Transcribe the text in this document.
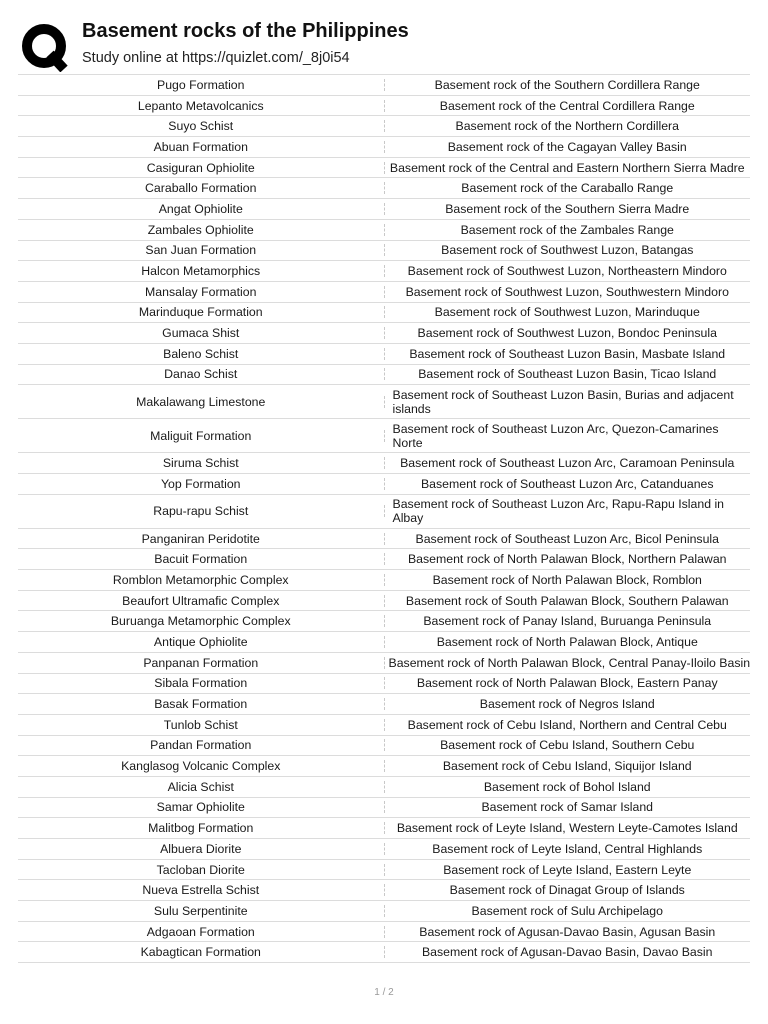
Basement rocks of the Philippines
Study online at https://quizlet.com/_8j0i54
Pugo Formation	Basement rock of the Southern Cordillera Range
Lepanto Metavolcanics	Basement rock of the Central Cordillera Range
Suyo Schist	Basement rock of the Northern Cordillera
Abuan Formation	Basement rock of the Cagayan Valley Basin
Casiguran Ophiolite	Basement rock of the Central and Eastern Northern Sierra Madre
Caraballo Formation	Basement rock of the Caraballo Range
Angat Ophiolite	Basement rock of the Southern Sierra Madre
Zambales Ophiolite	Basement rock of the Zambales Range
San Juan Formation	Basement rock of Southwest Luzon, Batangas
Halcon Metamorphics	Basement rock of Southwest Luzon, Northeastern Mindoro
Mansalay Formation	Basement rock of Southwest Luzon, Southwestern Mindoro
Marinduque Formation	Basement rock of Southwest Luzon, Marinduque
Gumaca Shist	Basement rock of Southwest Luzon, Bondoc Peninsula
Baleno Schist	Basement rock of Southeast Luzon Basin, Masbate Island
Danao Schist	Basement rock of Southeast Luzon Basin, Ticao Island
Makalawang Limestone	Basement rock of Southeast Luzon Basin, Burias and adjacent islands
Maliguit Formation	Basement rock of Southeast Luzon Arc, Quezon-Camarines Norte
Siruma Schist	Basement rock of Southeast Luzon Arc, Caramoan Peninsula
Yop Formation	Basement rock of Southeast Luzon Arc, Catanduanes
Rapu-rapu Schist	Basement rock of Southeast Luzon Arc, Rapu-Rapu Island in Albay
Panganiran Peridotite	Basement rock of Southeast Luzon Arc, Bicol Peninsula
Bacuit Formation	Basement rock of North Palawan Block, Northern Palawan
Romblon Metamorphic Complex	Basement rock of North Palawan Block, Romblon
Beaufort Ultramafic Complex	Basement rock of South Palawan Block, Southern Palawan
Buruanga Metamorphic Complex	Basement rock of Panay Island, Buruanga Peninsula
Antique Ophiolite	Basement rock of North Palawan Block, Antique
Panpanan Formation	Basement rock of North Palawan Block, Central Panay-Iloilo Basin
Sibala Formation	Basement rock of North Palawan Block, Eastern Panay
Basak Formation	Basement rock of Negros Island
Tunlob Schist	Basement rock of Cebu Island, Northern and Central Cebu
Pandan Formation	Basement rock of Cebu Island, Southern Cebu
Kanglasog Volcanic Complex	Basement rock of Cebu Island, Siquijor Island
Alicia Schist	Basement rock of Bohol Island
Samar Ophiolite	Basement rock of Samar Island
Malitbog Formation	Basement rock of Leyte Island, Western Leyte-Camotes Island
Albuera Diorite	Basement rock of Leyte Island, Central Highlands
Tacloban Diorite	Basement rock of Leyte Island, Eastern Leyte
Nueva Estrella Schist	Basement rock of Dinagat Group of Islands
Sulu Serpentinite	Basement rock of Sulu Archipelago
Adgaoan Formation	Basement rock of Agusan-Davao Basin, Agusan Basin
Kabagtican Formation	Basement rock of Agusan-Davao Basin, Davao Basin
1 / 2
